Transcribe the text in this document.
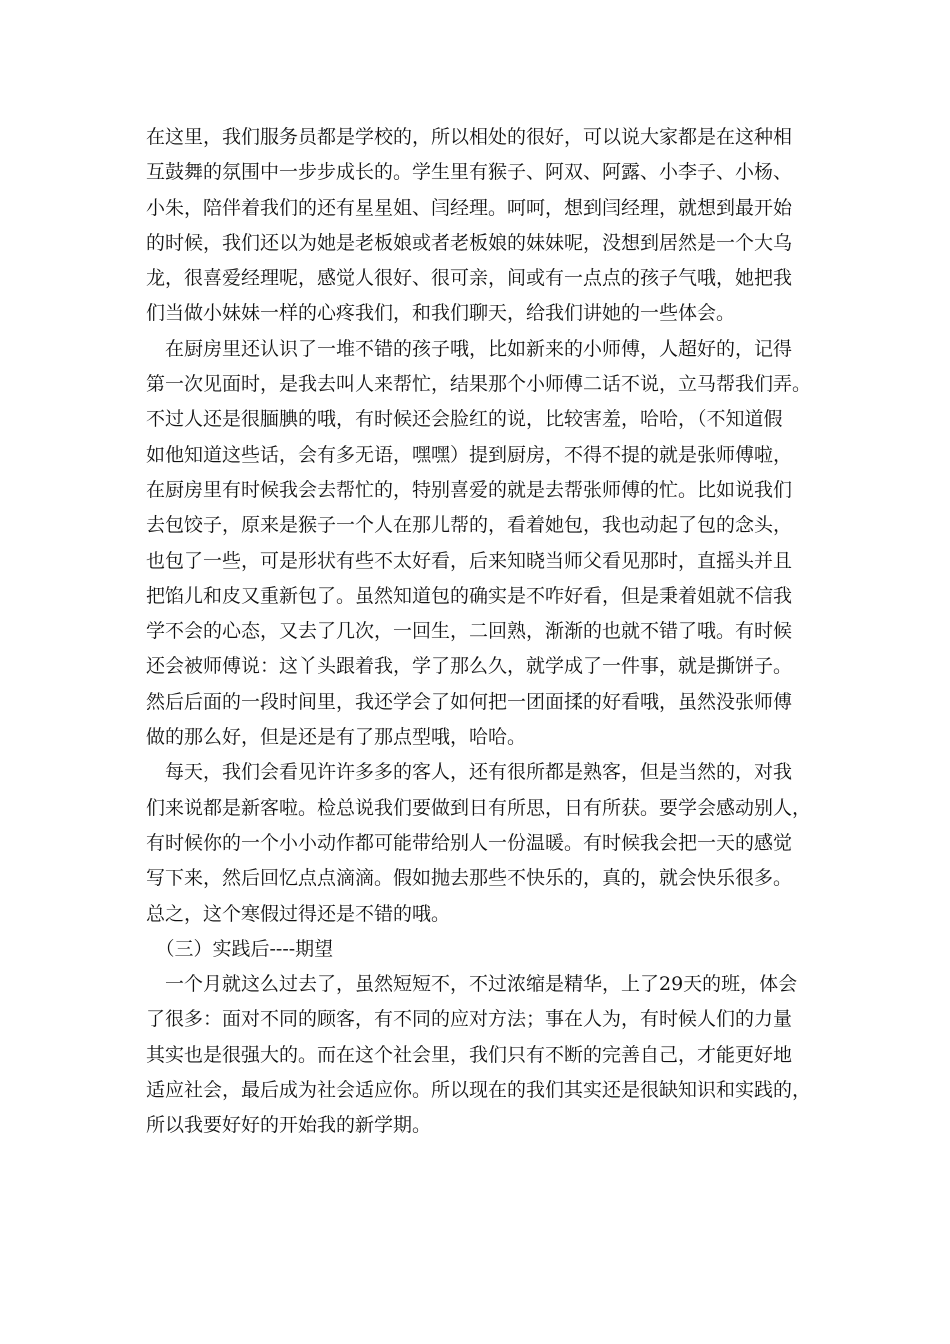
在这里，我们服务员都是学校的，所以相处的很好，可以说大家都是在这种相
互鼓舞的氛围中一步步成长的。学生里有猴子、阿双、阿露、小李子、小杨、
小朱，陪伴着我们的还有星星姐、闫经理。呵呵，想到闫经理，就想到最开始
的时候，我们还以为她是老板娘或者老板娘的妹妹呢，没想到居然是一个大乌
龙，很喜爱经理呢，感觉人很好、很可亲，间或有一点点的孩子气哦，她把我
们当做小妹妹一样的心疼我们，和我们聊天，给我们讲她的一些体会。
　在厨房里还认识了一堆不错的孩子哦，比如新来的小师傅，人超好的，记得
第一次见面时，是我去叫人来帮忙，结果那个小师傅二话不说，立马帮我们弄。
不过人还是很腼腆的哦，有时候还会脸红的说，比较害羞，哈哈，（不知道假
如他知道这些话，会有多无语，嘿嘿）提到厨房，不得不提的就是张师傅啦，
在厨房里有时候我会去帮忙的，特别喜爱的就是去帮张师傅的忙。比如说我们
去包饺子，原来是猴子一个人在那儿帮的，看着她包，我也动起了包的念头，
也包了一些，可是形状有些不太好看，后来知晓当师父看见那时，直摇头并且
把馅儿和皮又重新包了。虽然知道包的确实是不咋好看，但是秉着姐就不信我
学不会的心态，又去了几次，一回生，二回熟，渐渐的也就不错了哦。有时候
还会被师傅说：这丫头跟着我，学了那么久，就学成了一件事，就是撕饼子。
然后后面的一段时间里，我还学会了如何把一团面揉的好看哦，虽然没张师傅
做的那么好，但是还是有了那点型哦，哈哈。
　每天，我们会看见许许多多的客人，还有很所都是熟客，但是当然的，对我
们来说都是新客啦。检总说我们要做到日有所思，日有所获。要学会感动别人，
有时候你的一个小小动作都可能带给别人一份温暖。有时候我会把一天的感觉
写下来，然后回忆点点滴滴。假如抛去那些不快乐的，真的，就会快乐很多。
总之，这个寒假过得还是不错的哦。
　（三）实践后----期望
　一个月就这么过去了，虽然短短不，不过浓缩是精华，上了29天的班，体会
了很多：面对不同的顾客，有不同的应对方法；事在人为，有时候人们的力量
其实也是很强大的。而在这个社会里，我们只有不断的完善自己，才能更好地
适应社会，最后成为社会适应你。所以现在的我们其实还是很缺知识和实践的，
所以我要好好的开始我的新学期。
